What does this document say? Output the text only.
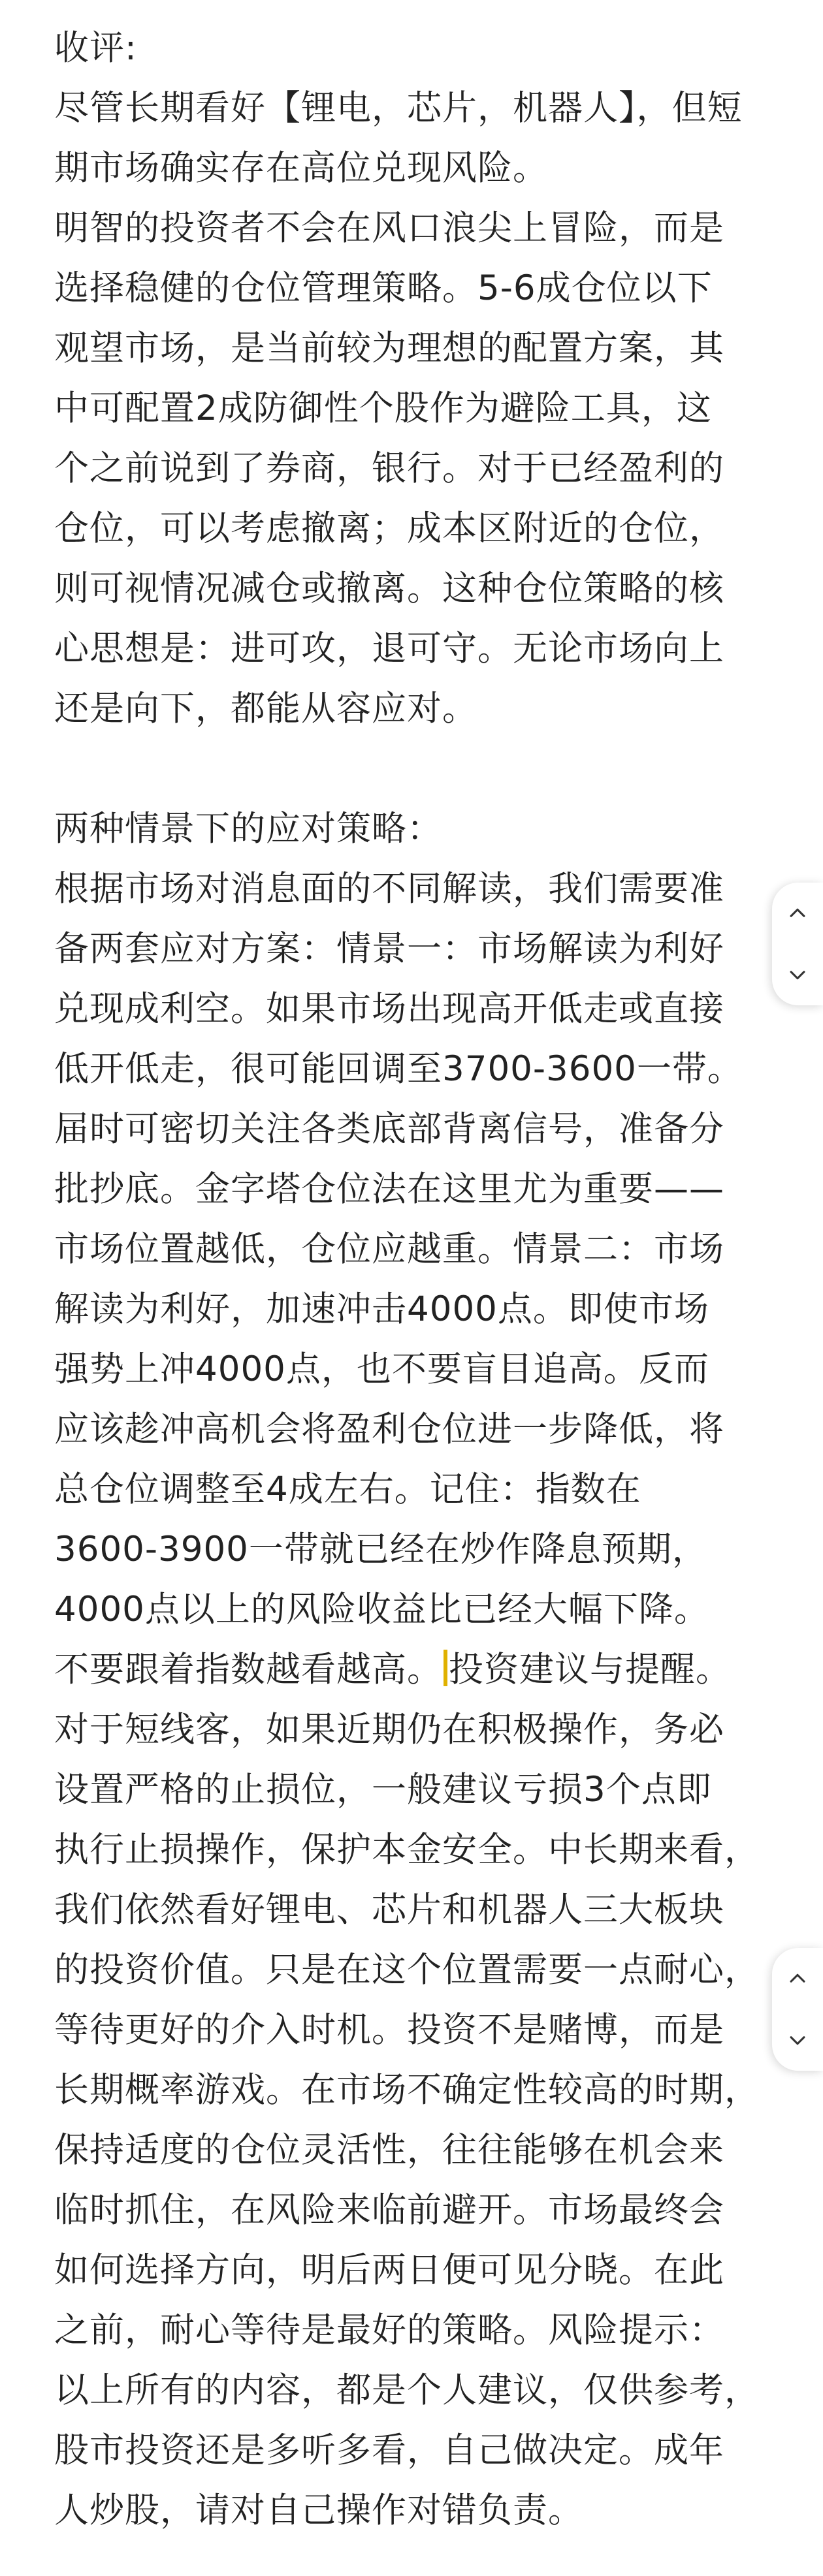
收评:
尽管长期看好【锂电，芯片，机器人】，但短
期市场确实存在高位兑现风险。
明智的投资者不会在风口浪尖上冒险，而是
选择稳健的仓位管理策略。5-6成仓位以下
观望市场，是当前较为理想的配置方案，其
中可配置2成防御性个股作为避险工具，这
个之前说到了券商，银行。对于已经盈利的
仓位，可以考虑撤离；成本区附近的仓位，
则可视情况减仓或撤离。这种仓位策略的核
心思想是：进可攻，退可守。无论市场向上
还是向下，都能从容应对。
两种情景下的应对策略：
根据市场对消息面的不同解读，我们需要准
备两套应对方案：情景一：市场解读为利好
兑现成利空。如果市场出现高开低走或直接
低开低走，很可能回调至3700-3600一带。
届时可密切关注各类底部背离信号，准备分
批抄底。金字塔仓位法在这里尤为重要——
市场位置越低，仓位应越重。情景二：市场
解读为利好，加速冲击4000点。即使市场
强势上冲4000点，也不要盲目追高。反而
应该趁冲高机会将盈利仓位进一步降低，将
总仓位调整至4成左右。记住：指数在
3600-3900一带就已经在炒作降息预期，
4000点以上的风险收益比已经大幅下降。
不要跟着指数越看越高。 投资建议与提醒。
对于短线客，如果近期仍在积极操作，务必
设置严格的止损位，一般建议亏损3个点即
执行止损操作，保护本金安全。中长期来看，
我们依然看好锂电、芯片和机器人三大板块
的投资价值。只是在这个位置需要一点耐心，
等待更好的介入时机。投资不是赌博，而是
长期概率游戏。在市场不确定性较高的时期，
保持适度的仓位灵活性，往往能够在机会来
临时抓住，在风险来临前避开。市场最终会
如何选择方向，明后两日便可见分晓。在此
之前，耐心等待是最好的策略。风险提示：
以上所有的内容，都是个人建议，仅供参考，
股市投资还是多听多看，自己做决定。成年
人炒股，请对自己操作对错负责。
